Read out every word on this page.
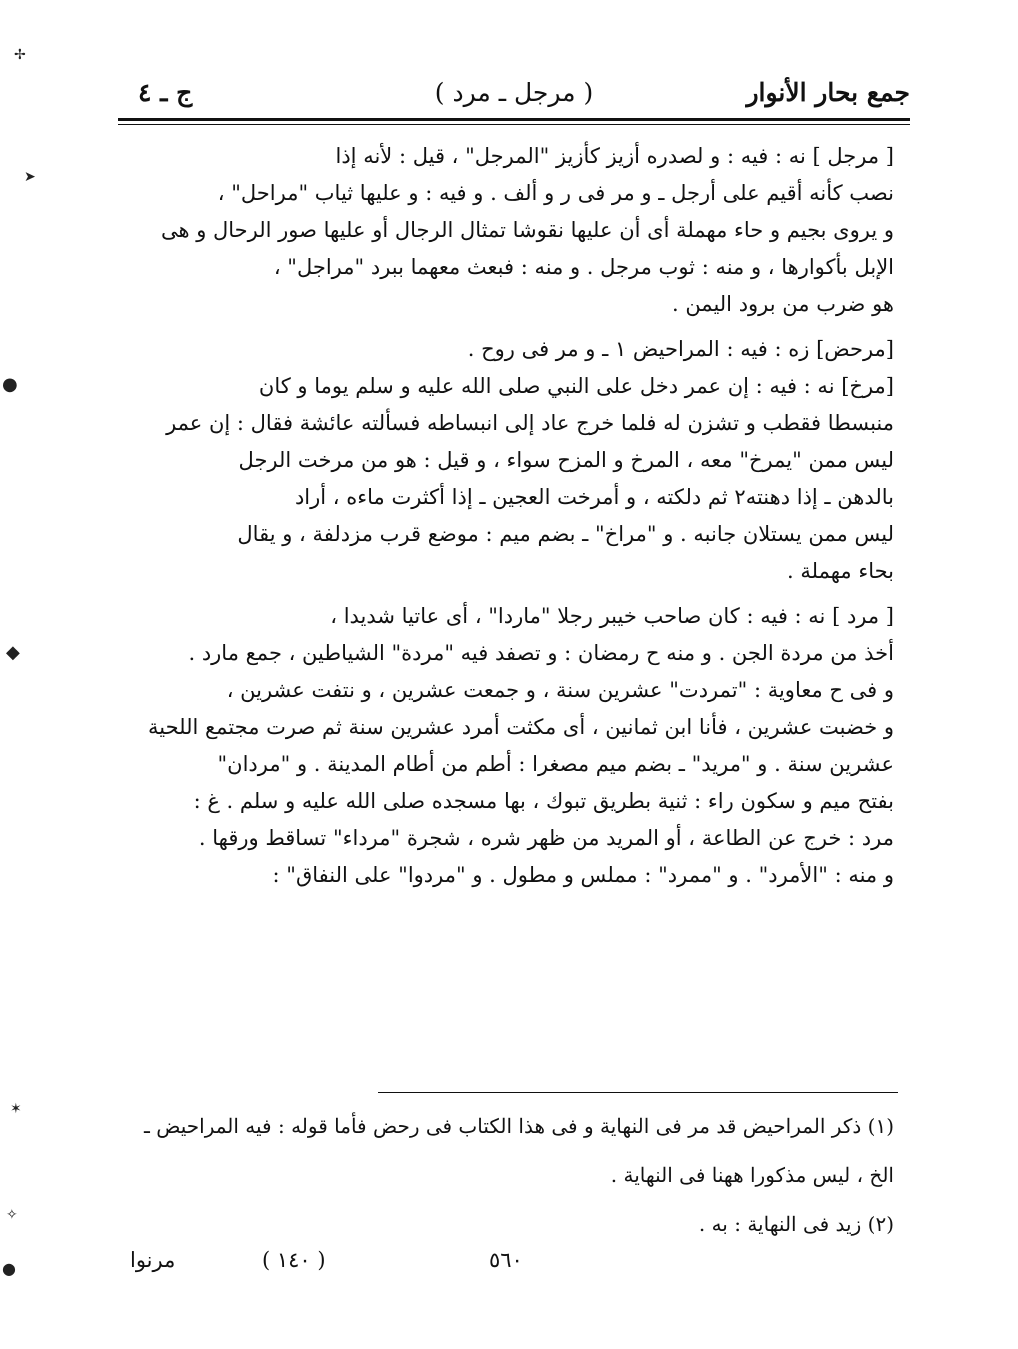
✢
➤
●
◆
✶
✧
●
جمع بحار الأنوار
( مرجل ـ مرد )
ج ـ ٤
[ مرجل ] نه : فيه : و لصدره أزيز كأزيز "المرجل" ، قيل : لأنه إذا
نصب كأنه أقيم على أرجل ـ و مر فى ر و ألف . و فيه : و عليها ثياب "مراحل" ،
و يروى بجيم و حاء مهملة أى أن عليها نقوشا تمثال الرجال أو عليها صور الرحال و هى
الإبل بأكوارها ، و منه : ثوب مرجل . و منه : فبعث معهما ببرد "مراجل" ،
هو ضرب من برود اليمن .
[مرحض] زه : فيه : المراحيض ١ ـ و مر فى روح .
[مرخ] نه : فيه : إن عمر دخل على النبي صلى الله عليه و سلم يوما و كان
منبسطا فقطب و تشزن له فلما خرج عاد إلى انبساطه فسألته عائشة فقال : إن عمر
ليس ممن "يمرخ" معه ، المرخ و المزح سواء ، و قيل : هو من مرخت الرجل
بالدهن ـ إذا دهنته٢ ثم دلكته ، و أمرخت العجين ـ إذا أكثرت ماءه ، أراد
ليس ممن يستلان جانبه . و "مراخ" ـ بضم ميم : موضع قرب مزدلفة ، و يقال
بحاء مهملة .
[ مرد ] نه : فيه : كان صاحب خيبر رجلا "ماردا" ، أى عاتيا شديدا ،
أخذ من مردة الجن . و منه ح رمضان : و تصفد فيه "مردة" الشياطين ، جمع مارد .
و فى ح معاوية : "تمردت" عشرين سنة ، و جمعت عشرين ، و نتفت عشرين ،
و خضبت عشرين ، فأنا ابن ثمانين ، أى مكثت أمرد عشرين سنة ثم صرت مجتمع اللحية
عشرين سنة . و "مريد" ـ بضم ميم مصغرا : أطم من أطام المدينة . و "مردان"
بفتح ميم و سكون راء : ثنية بطريق تبوك ، بها مسجده صلى الله عليه و سلم . غ :
مرد : خرج عن الطاعة ، أو المريد من ظهر شره ، شجرة "مرداء" تساقط ورقها .
و منه : "الأمرد" . و "ممرد" : مملس و مطول . و "مردوا" على النفاق" :
(١) ذكر المراحيض قد مر فى النهاية و فى هذا الكتاب فى رحض فأما قوله : فيه المراحيض ـ
الخ ، ليس مذكورا ههنا فى النهاية .
(٢) زيد فى النهاية : به .
٥٦٠
( ١٤٠ )
مرنوا
